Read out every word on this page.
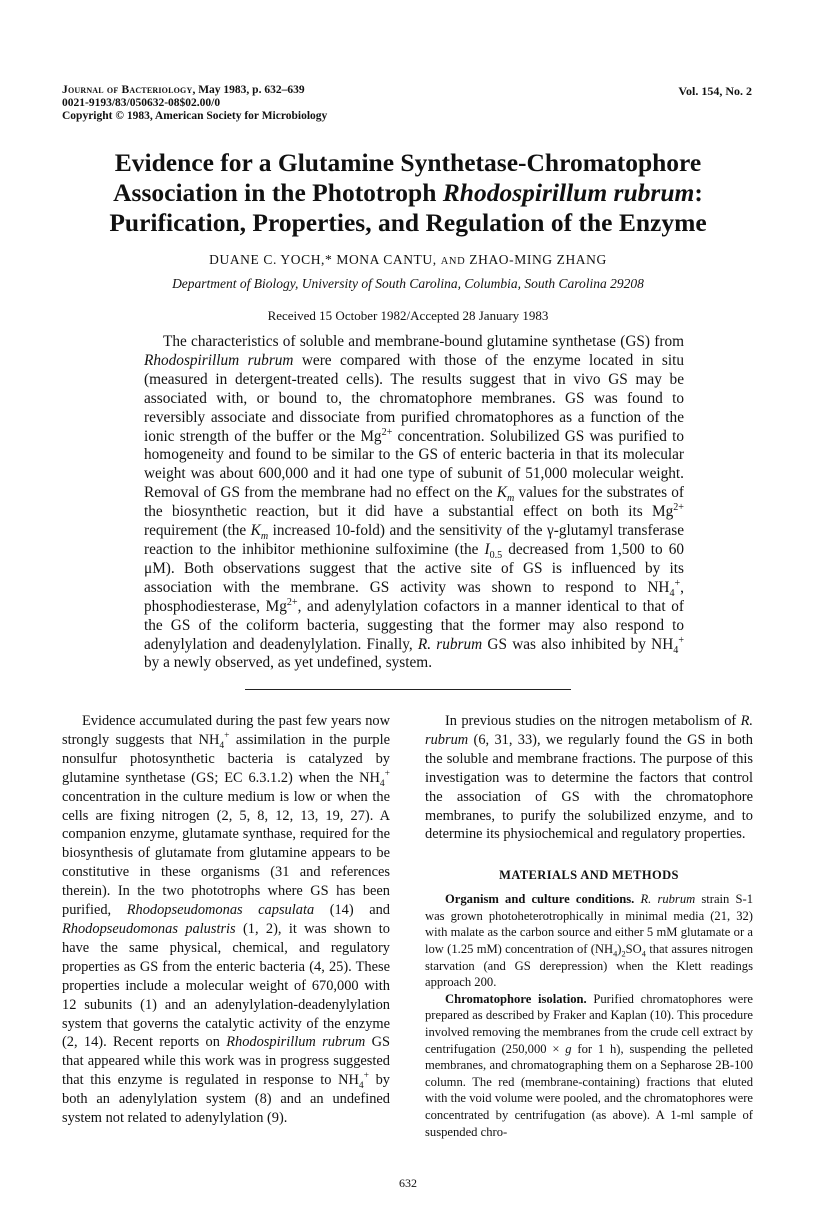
Journal of Bacteriology, May 1983, p. 632–639
0021-9193/83/050632-08$02.00/0
Copyright © 1983, American Society for Microbiology
Vol. 154, No. 2
Evidence for a Glutamine Synthetase-Chromatophore
Association in the Phototroph Rhodospirillum rubrum:
Purification, Properties, and Regulation of the Enzyme
DUANE C. YOCH,* MONA CANTU, AND ZHAO-MING ZHANG
Department of Biology, University of South Carolina, Columbia, South Carolina 29208
Received 15 October 1982/Accepted 28 January 1983

The characteristics of soluble and membrane-bound glutamine synthetase (GS) from Rhodospirillum rubrum were compared with those of the enzyme located in situ (measured in detergent-treated cells). The results suggest that in vivo GS may be associated with, or bound to, the chromatophore membranes. GS was found to reversibly associate and dissociate from purified chromatophores as a function of the ionic strength of the buffer or the $Mg^{2+}$ concentration. Solubilized GS was purified to homogeneity and found to be similar to the GS of enteric bacteria in that its molecular weight was about 600,000 and it had one type of subunit of 51,000 molecular weight. Removal of GS from the membrane had no effect on the $K_m$ values for the substrates of the biosynthetic reaction, but it did have a substantial effect on both its $Mg^{2+}$ requirement (the $K_m$ increased 10-fold) and the sensitivity of the γ-glutamyl transferase reaction to the inhibitor methionine sulfoximine (the $I_{0.5}$ decreased from 1,500 to 60 μM). Both observations suggest that the active site of GS is influenced by its association with the membrane. GS activity was shown to respond to $NH_4^+$, phosphodiesterase, $Mg^{2+}$, and adenylylation cofactors in a manner identical to that of the GS of the coliform bacteria, suggesting that the former may also respond to adenylylation and deadenylylation. Finally, R. rubrum GS was also inhibited by $NH_4^+$ by a newly observed, as yet undefined, system.

Evidence accumulated during the past few years now strongly suggests that $NH_4^+$ assimilation in the purple nonsulfur photosynthetic bacteria is catalyzed by glutamine synthetase (GS; EC 6.3.1.2) when the $NH_4^+$ concentration in the culture medium is low or when the cells are fixing nitrogen (2, 5, 8, 12, 13, 19, 27). A companion enzyme, glutamate synthase, required for the biosynthesis of glutamate from glutamine appears to be constitutive in these organisms (31 and references therein). In the two phototrophs where GS has been purified, Rhodopseudomonas capsulata (14) and Rhodopseudomonas palustris (1, 2), it was shown to have the same physical, chemical, and regulatory properties as GS from the enteric bacteria (4, 25). These properties include a molecular weight of 670,000 with 12 subunits (1) and an adenylylation-deadenylylation system that governs the catalytic activity of the enzyme (2, 14). Recent reports on Rhodospirillum rubrum GS that appeared while this work was in progress suggested that this enzyme is regulated in response to $NH_4^+$ by both an adenylylation system (8) and an undefined system not related to adenylylation (9).

In previous studies on the nitrogen metabolism of R. rubrum (6, 31, 33), we regularly found the GS in both the soluble and membrane fractions. The purpose of this investigation was to determine the factors that control the association of GS with the chromatophore membranes, to purify the solubilized enzyme, and to determine its physiochemical and regulatory properties.

MATERIALS AND METHODS

Organism and culture conditions. R. rubrum strain S-1 was grown photoheterotrophically in minimal media (21, 32) with malate as the carbon source and either 5 mM glutamate or a low (1.25 mM) concentration of $(NH_4)_2SO_4$ that assures nitrogen starvation (and GS derepression) when the Klett readings approach 200.

Chromatophore isolation. Purified chromatophores were prepared as described by Fraker and Kaplan (10). This procedure involved removing the membranes from the crude cell extract by centrifugation (250,000 × g for 1 h), suspending the pelleted membranes, and chromatographing them on a Sepharose 2B-100 column. The red (membrane-containing) fractions that eluted with the void volume were pooled, and the chromatophores were concentrated by centrifugation (as above). A 1-ml sample of suspended chro-

632
